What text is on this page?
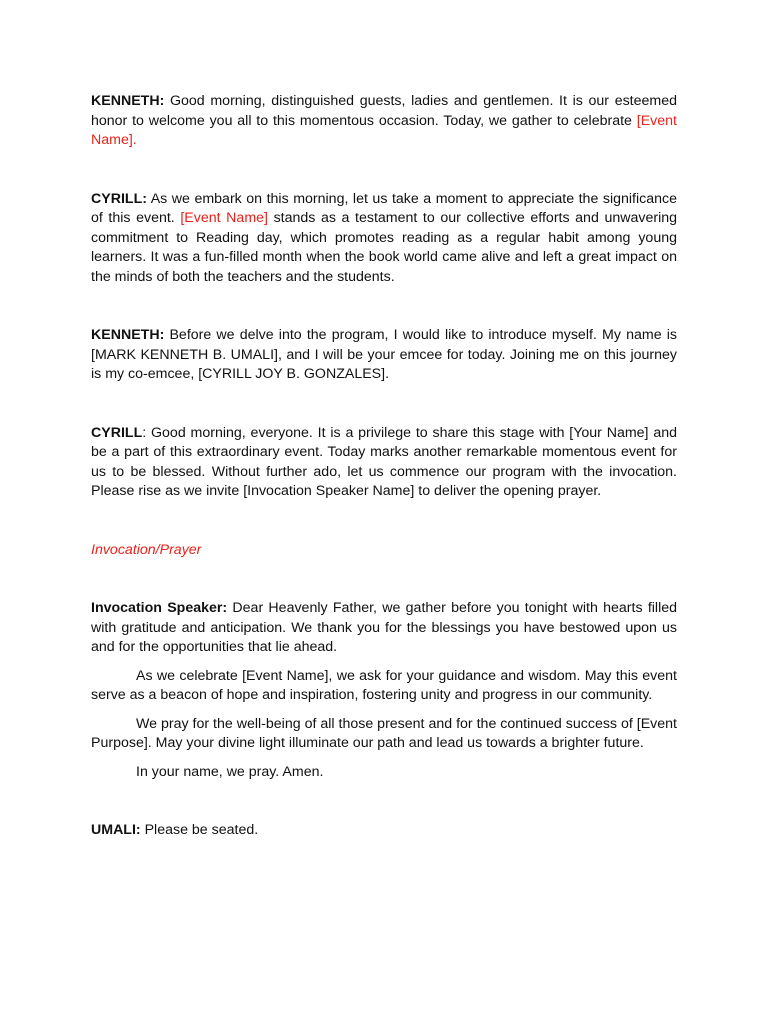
KENNETH: Good morning, distinguished guests, ladies and gentlemen. It is our esteemed honor to welcome you all to this momentous occasion. Today, we gather to celebrate [Event Name].

CYRILL: As we embark on this morning, let us take a moment to appreciate the significance of this event. [Event Name] stands as a testament to our collective efforts and unwavering commitment to Reading day, which promotes reading as a regular habit among young learners. It was a fun-filled month when the book world came alive and left a great impact on the minds of both the teachers and the students.

KENNETH: Before we delve into the program, I would like to introduce myself. My name is [MARK KENNETH B. UMALI], and I will be your emcee for today. Joining me on this journey is my co-emcee, [CYRILL JOY B. GONZALES].

CYRILL: Good morning, everyone. It is a privilege to share this stage with [Your Name] and be a part of this extraordinary event. Today marks another remarkable momentous event for us to be blessed. Without further ado, let us commence our program with the invocation. Please rise as we invite [Invocation Speaker Name] to deliver the opening prayer.

Invocation/Prayer

Invocation Speaker: Dear Heavenly Father, we gather before you tonight with hearts filled with gratitude and anticipation. We thank you for the blessings you have bestowed upon us and for the opportunities that lie ahead.

As we celebrate [Event Name], we ask for your guidance and wisdom. May this event serve as a beacon of hope and inspiration, fostering unity and progress in our community.

We pray for the well-being of all those present and for the continued success of [Event Purpose]. May your divine light illuminate our path and lead us towards a brighter future.

In your name, we pray. Amen.

UMALI: Please be seated.
